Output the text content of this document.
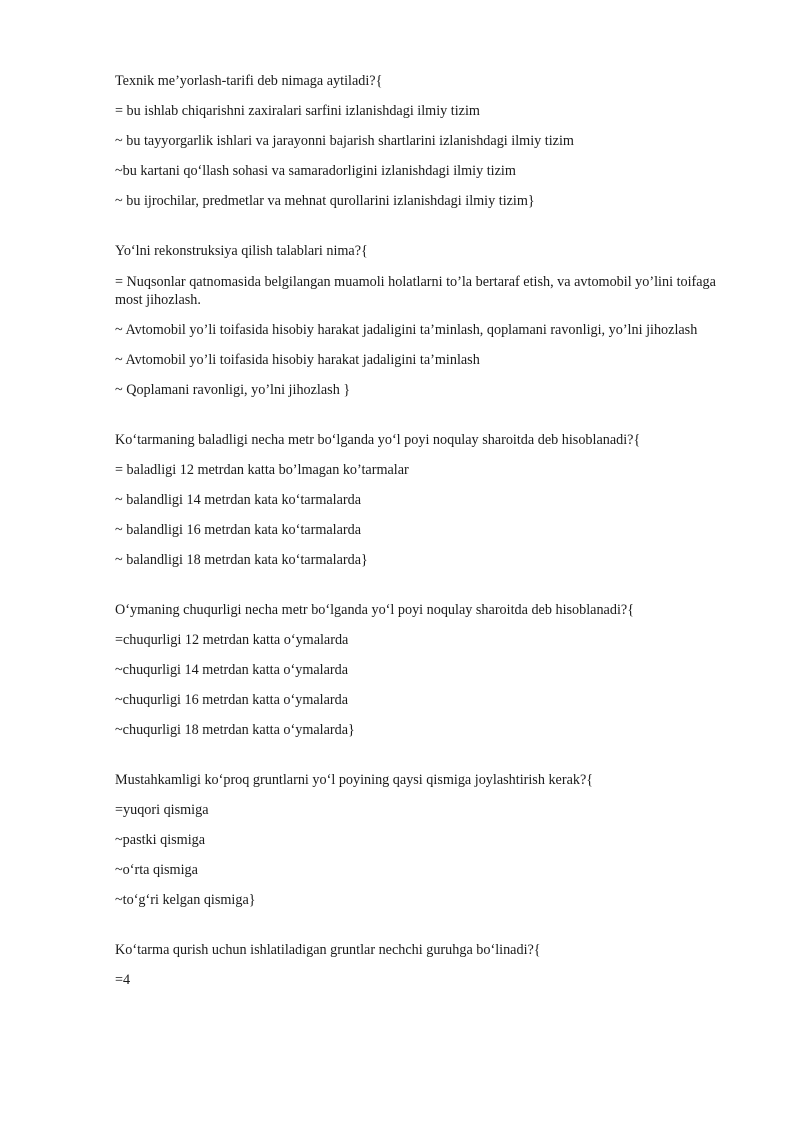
Texnik me’yorlash-tarifi deb nimaga aytiladi?{

= bu ishlab chiqarishni zaxiralari sarfini izlanishdagi ilmiy tizim

~ bu tayyorgarlik ishlari va jarayonni bajarish shartlarini izlanishdagi ilmiy tizim

~bu kartani qo‘llash sohasi va samaradorligini izlanishdagi ilmiy tizim

~ bu ijrochilar, predmetlar va mehnat qurollarini izlanishdagi ilmiy tizim}

Yo‘lni rekonstruksiya qilish talablari nima?{

= Nuqsonlar qatnomasida belgilangan muamoli holatlarni to’la bertaraf etish, va avtomobil yo’lini toifaga most jihozlash.

~ Avtomobil yo’li toifasida hisobiy harakat jadaligini ta’minlash, qoplamani ravonligi, yo’lni jihozlash

~ Avtomobil yo’li toifasida hisobiy harakat jadaligini ta’minlash

~ Qoplamani ravonligi, yo’lni jihozlash }

Ko‘tarmaning baladligi necha metr bo‘lganda yo‘l poyi noqulay sharoitda deb hisoblanadi?{

= baladligi 12 metrdan katta bo’lmagan ko’tarmalar

~ balandligi 14 metrdan kata ko‘tarmalarda

~ balandligi 16 metrdan kata ko‘tarmalarda

~ balandligi 18 metrdan kata ko‘tarmalarda}

O‘ymaning chuqurligi necha metr bo‘lganda yo‘l poyi noqulay sharoitda deb hisoblanadi?{

=chuqurligi 12 metrdan katta o‘ymalarda

~chuqurligi 14 metrdan katta o‘ymalarda

~chuqurligi 16 metrdan katta o‘ymalarda

~chuqurligi 18 metrdan katta o‘ymalarda}

Mustahkamligi ko‘proq gruntlarni yo‘l poyining qaysi qismiga joylashtirish kerak?{

=yuqori qismiga

~pastki qismiga

~o‘rta qismiga

~to‘g‘ri kelgan qismiga}

Ko‘tarma qurish uchun ishlatiladigan gruntlar nechchi guruhga bo‘linadi?{

=4
